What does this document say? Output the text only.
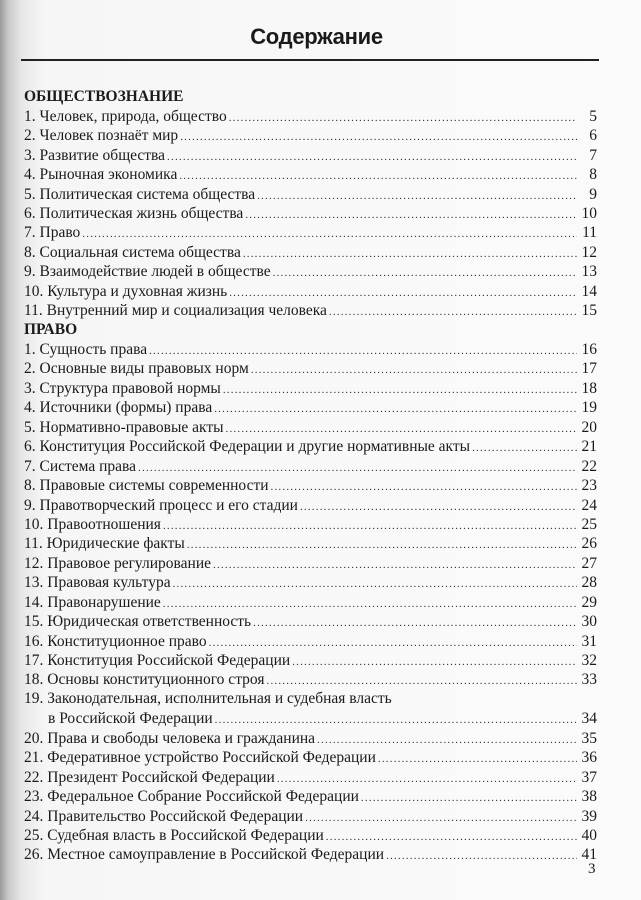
Содержание
ОБЩЕСТВОЗНАНИЕ
1. Человек, природа, общество .....	5
2. Человек познаёт мир .....	6
3. Развитие общества .....	7
4. Рыночная экономика .....	8
5. Политическая система общества .....	9
6. Политическая жизнь общества .....	10
7. Право .....	11
8. Социальная система общества .....	12
9. Взаимодействие людей в обществе .....	13
10. Культура и духовная жизнь .....	14
11. Внутренний мир и социализация человека .....	15
ПРАВО
1. Сущность права .....	16
2. Основные виды правовых норм .....	17
3. Структура правовой нормы .....	18
4. Источники (формы) права .....	19
5. Нормативно-правовые акты .....	20
6. Конституция Российской Федерации и другие нормативные акты .....	21
7. Система права .....	22
8. Правовые системы современности .....	23
9. Правотворческий процесс и его стадии .....	24
10. Правоотношения .....	25
11. Юридические факты .....	26
12. Правовое регулирование .....	27
13. Правовая культура .....	28
14. Правонарушение .....	29
15. Юридическая ответственность .....	30
16. Конституционное право .....	31
17. Конституция Российской Федерации .....	32
18. Основы конституционного строя .....	33
19. Законодательная, исполнительная и судебная власть
в Российской Федерации .....	34
20. Права и свободы человека и гражданина .....	35
21. Федеративное устройство Российской Федерации .....	36
22. Президент Российской Федерации .....	37
23. Федеральное Собрание Российской Федерации .....	38
24. Правительство Российской Федерации .....	39
25. Судебная власть в Российской Федерации .....	40
26. Местное самоуправление в Российской Федерации .....	41
3
